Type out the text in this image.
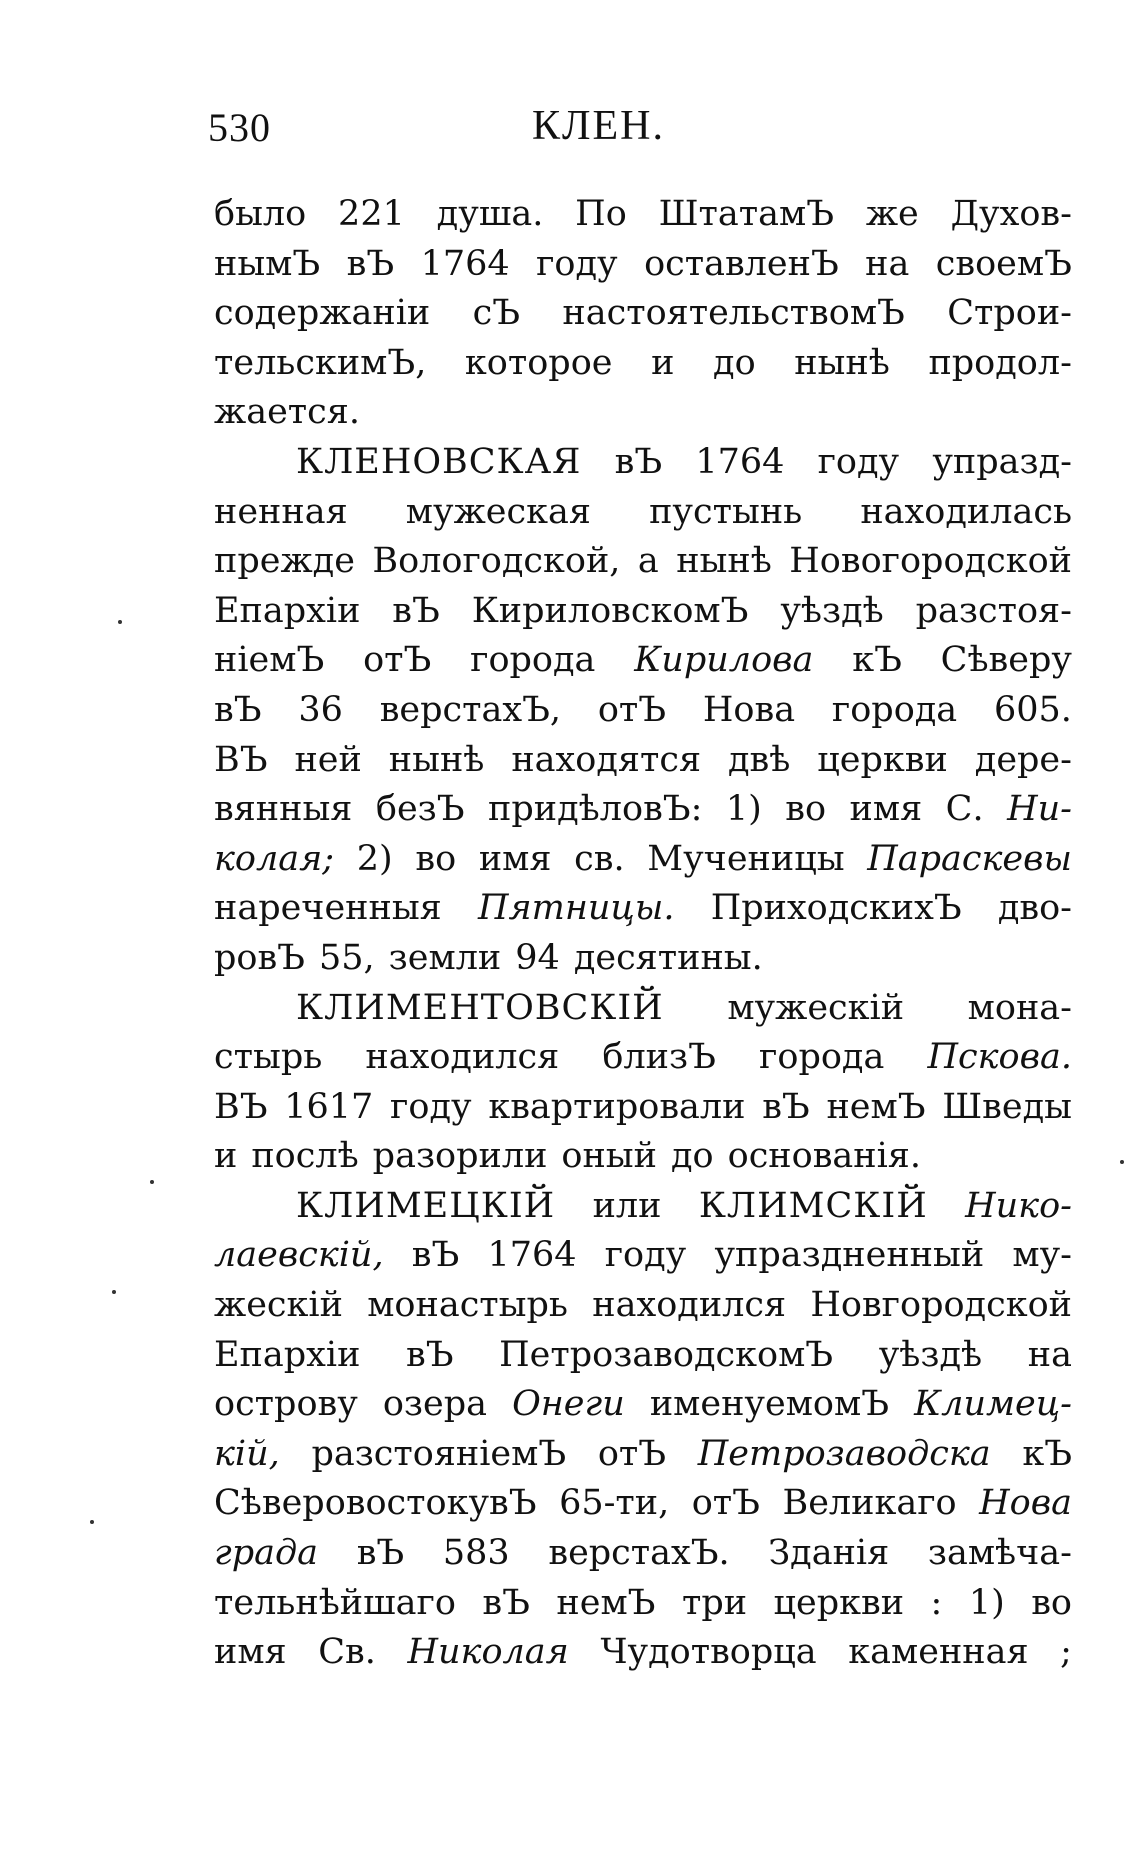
530	КЛЕН.
было 221 душа. По ШтатамЪ же Духов-
нымЪ вЪ 1764 году оставленЪ на своемЪ
содержанiи сЪ настоятельствомЪ Строи-
тельскимЪ, которое и до нынѣ продол-
жается.
КЛЕНОВСКАЯ вЪ 1764 году упразд-
ненная мужеская пустынь находилась
прежде Вологодской, а нынѣ Новогородской
Епархiи вЪ КириловскомЪ уѣздѣ разстоя-
нiемЪ отЪ города Кирилова кЪ Сѣверу
вЪ 36 верстахЪ, отЪ Нова города 605.
ВЪ ней нынѣ находятся двѣ церкви дере-
вянныя безЪ придѣловЪ: 1) во имя С. Ни-
колая; 2) во имя св. Мученицы Параскевы
нареченныя Пятницы. ПриходскихЪ дво-
ровЪ 55, земли 94 десятины.
КЛИМЕНТОВСКIЙ мужескiй мона-
стырь находился близЪ города Пскова.
ВЪ 1617 году квартировали вЪ немЪ Шведы
и послѣ разорили оный до основанiя.
КЛИМЕЦКIЙ или КЛИМСКIЙ Нико-
лаевскiй, вЪ 1764 году упраздненный му-
жескiй монастырь находился Новгородской
Епархiи вЪ ПетрозаводскомЪ уѣздѣ на
острову озера Онеги именуемомЪ Климец-
кiй, разстоянiемЪ отЪ Петрозаводска кЪ
СѣверовостокувЪ 65-ти, отЪ Великаго Нова
града вЪ 583 верстахЪ. Зданiя замѣча-
тельнѣйшаго вЪ немЪ три церкви : 1) во
имя Св. Николая Чудотворца каменная ;
